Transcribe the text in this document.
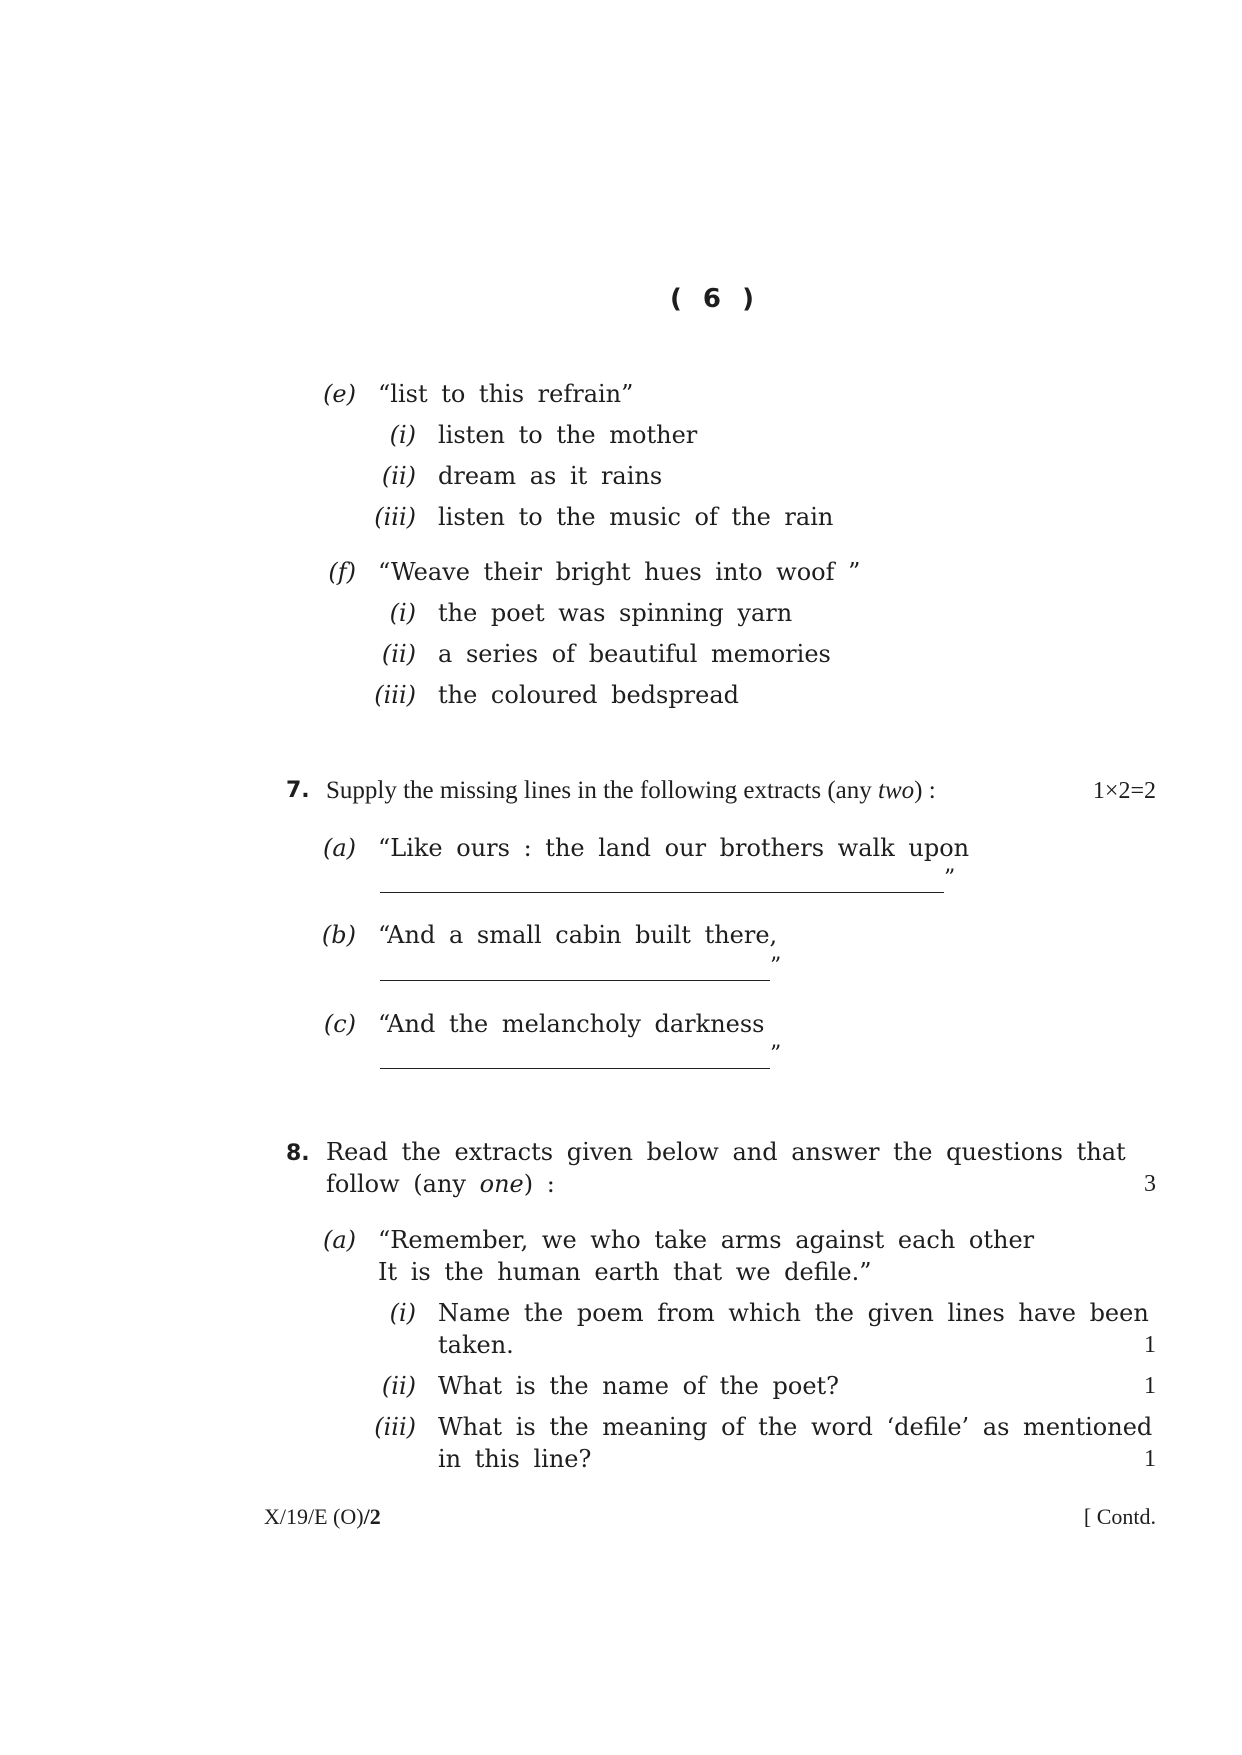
( 6 )
(e) “list to this refrain”
(i) listen to the mother
(ii) dream as it rains
(iii) listen to the music of the rain
(f) “Weave their bright hues into woof ”
(i) the poet was spinning yarn
(ii) a series of beautiful memories
(iii) the coloured bedspread
7. Supply the missing lines in the following extracts (any two) :	1×2=2
(a) “Like ours : the land our brothers walk upon
”
(b) “And a small cabin built there,
”
(c) “And the melancholy darkness
”
8. Read the extracts given below and answer the questions that
follow (any one) :	3
(a) “Remember, we who take arms against each other
It is the human earth that we defile.”
(i) Name the poem from which the given lines have been
taken.	1
(ii) What is the name of the poet?	1
(iii) What is the meaning of the word ‘defile’ as mentioned
in this line?	1
X/19/E (O)/2	[ Contd.
